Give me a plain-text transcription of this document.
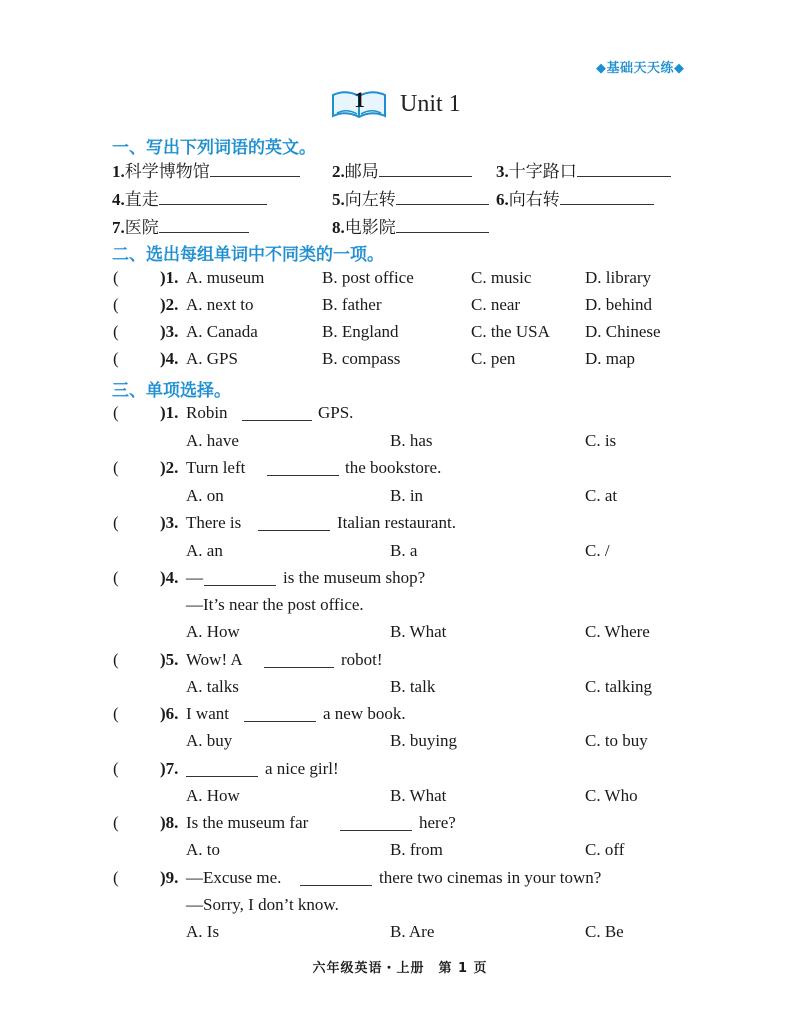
◆基础天天练◆
1 Unit 1
一、写出下列词语的英文。
1.科学博物馆	2.邮局	3.十字路口
4.直走	5.向左转	6.向右转
7.医院	8.电影院
二、选出每组单词中不同类的一项。
( )1. A. museum	B. post office	C. music	D. library
( )2. A. next to	B. father	C. near	D. behind
( )3. A. Canada	B. England	C. the USA D. Chinese
( )4. A. GPS	B. compass	C. pen	D. map
三、单项选择。
( )1. Robin	GPS.
A. have	B. has	C. is
( )2. Turn left	the bookstore.
A. on	B. in	C. at
( )3. There is	Italian restaurant.
A. an	B. a	C. /
( )4. —	is the museum shop?
—It’s near the post office.
A. How	B. What	C. Where
( )5. Wow! A	robot!
A. talks	B. talk	C. talking
( )6. I want	a new book.
A. buy	B. buying	C. to buy
( )7.	a nice girl!
A. How	B. What	C. Who
( )8. Is the museum far	here?
A. to	B. from	C. off
( )9. —Excuse me.	there two cinemas in your town?
—Sorry, I don’t know.
A. Is	B. Are	C. Be
六年级英语・上册　第 1 页
